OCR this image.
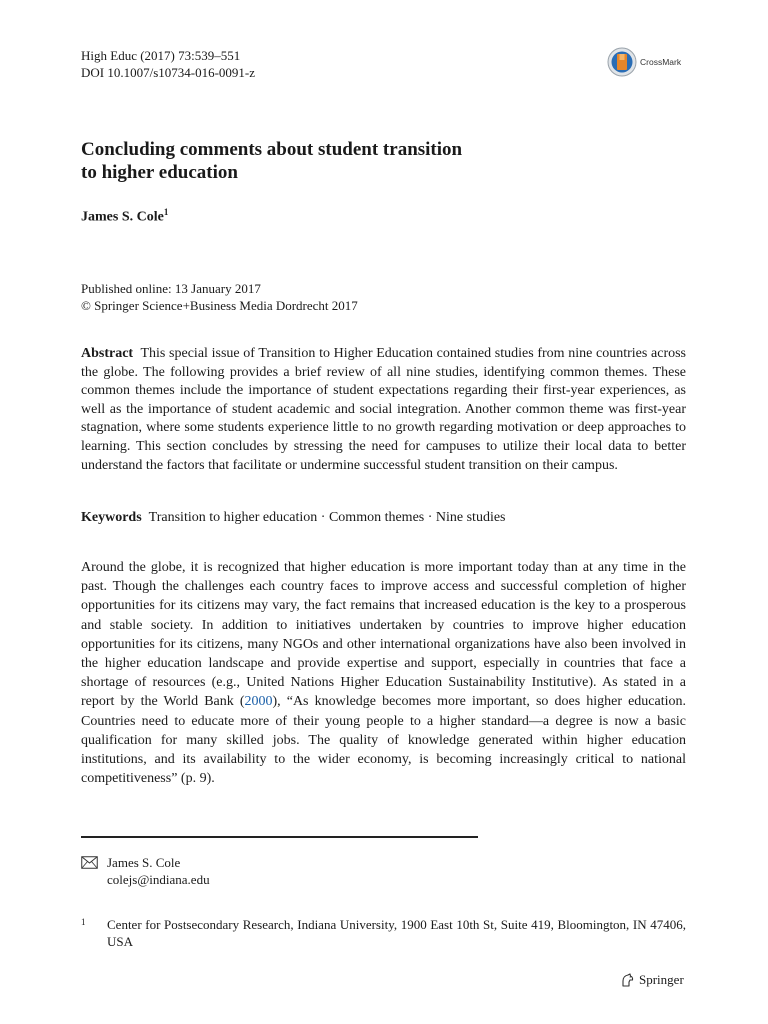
High Educ (2017) 73:539–551
DOI 10.1007/s10734-016-0091-z
CrossMark
Concluding comments about student transition
to higher education
James S. Cole$^1$
Published online: 13 January 2017
© Springer Science+Business Media Dordrecht 2017
Abstract This special issue of Transition to Higher Education contained studies from nine countries across the globe. The following provides a brief review of all nine studies, identifying common themes. These common themes include the importance of student expectations regarding their first-year experiences, as well as the importance of student academic and social integration. Another common theme was first-year stagnation, where some students experience little to no growth regarding motivation or deep approaches to learning. This section concludes by stressing the need for campuses to utilize their local data to better understand the factors that facilitate or undermine successful student transition on their campus.
Keywords Transition to higher education · Common themes · Nine studies
Around the globe, it is recognized that higher education is more important today than at any time in the past. Though the challenges each country faces to improve access and successful completion of higher opportunities for its citizens may vary, the fact remains that increased education is the key to a prosperous and stable society. In addition to initiatives undertaken by countries to improve higher education opportunities for its citizens, many NGOs and other international organizations have also been involved in the higher education landscape and provide expertise and support, especially in countries that face a shortage of resources (e.g., United Nations Higher Education Sustainability Institutive). As stated in a report by the World Bank (2000), “As knowledge becomes more important, so does higher education. Countries need to educate more of their young people to a higher standard—a degree is now a basic qualification for many skilled jobs. The quality of knowledge generated within higher education institutions, and its availability to the wider economy, is becoming increasingly critical to national competitiveness” (p. 9).
James S. Cole
colejs@indiana.edu
1	Center for Postsecondary Research, Indiana University, 1900 East 10th St, Suite 419, Bloomington, IN 47406, USA
Springer
